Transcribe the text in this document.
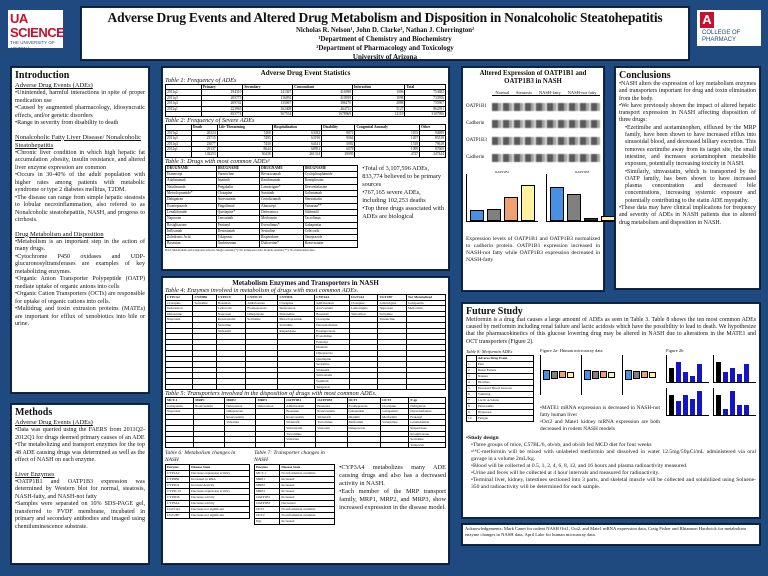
UA SCIENCE
THE UNIVERSITY OF ARIZONA.
COLLEGE OF SCIENCE
A COLLEGE OF
PHARMACY
THE UNIVERSITY OF ARIZONA
Adverse Drug Events and Altered Drug Metabolism and Disposition in Nonalcoholic Steatohepatitis
Nicholas R. Nelson¹, John D. Clarke², Nathan J. Cherrington²
¹Department of Chemistry and Biochemistry
²Department of Pharmacology and Toxicology
University of Arizona
Introduction
Adverse Drug Events (ADEs)

•Unintended, harmful interactions in spite of proper medication use

•Caused by augmented pharmacology, idiosyncratic effects, and/or genetic disorders

•Range in severity from disability to death

Nonalcoholic Fatty Liver Disease/ Nonalcoholic Steatohepatitis

•Chronic liver condition in which high hepatic fat accumulation ,obesity, insulin resistance, and altered liver enzyme expression are common

•Occurs in 30-40% of the adult population with higher rates among patients with metabolic syndrome or type 2 diabetes mellitus, T2DM.

•The disease can range from simple hepatic steatosis to lobular necroinflammation, also refered to as Nonalcoholic steatohepatitis, NASH, and progress to cirrhosis.

Drug Metabolism and Disposition

•Metabolism is an important step in the action of many drugs.

•Cytochrome P450 oxidases and UDP-glucuronosyltransferases are examples of key metabolizing enzymes.

•Organic Anion Transporter Polypeptide (OATP) mediate uptake of organic anions into cells

•Organic Cation Transporters (OCTs) are responsible for uptake of organic cations into cells.

•Multidrug and toxin extrusion proteins (MATEs) are important for efflux of xenobiotics into bile or urine.

Methods
Adverse Drug Events (ADEs)

•Data was queried using the FAERS from 2011Q2-2012Q1 for drugs deemed primary causes of an ADE

•The metabolizing and transport enzymes for the top 48 ADE causing drugs was determined as well as the effect of NASH on each enzyme.

Liver Enzymes

•OATP1B1 and OATP1B3 expression was determined by Western blot for normal, steatosis, NASH-fatty, and NASH-not fatty

•Samples were separated on 10% SDS-PAGE gel, transferred to PVDF membrane, incubated in primary and secondary antibodies and imaged using chemiluminescence substrate.

Adverse Drug Event Statistics
Table 1: Frequency of ADEs
	Primary	Secondary	Concomitant	Interaction	Total
2011q2	194310	141367	416998	1006	753682
2011q3	205775	116092	410958	1098	733956
2011q4	209742	135067	386270	2888	735967
2012q1	221965	162408	464711	3127	862391
	833774	567534	1678969	12119	3107996
Table 2: Frequency of Severe ADEs
	Death	Life-Threatening	Hospitalization	Disability	Congenital Anomaly	Other
2011q2	26324	7468	63032	8871	1103	94699
2011q3	23715	7495	63190	9064	1207	85518
2011q4	23077	7430	64141	5082	1318	79618
2012q1	29137	8044	68951	6078	1099	87609
	102253	30438	261314	29095	4727	347444
Table 3: Drugs with most common ADEs¹
DRUGNAME	DRUGNAME	DRUGNAME	DRUGNAME
Etanercept	Varenicline	Bevacizumab	Cyclophosphamide
Adalimumab	Imatinib	Ranibizumab	Romiplostim
Natalizumab	Pregabalin	Lamotrigine*	Desvenlafaxine
Metoclopramide*	Clozapine	Sunitinib	Golimumab
Dabigatran	Atorvastatin	Certolizumab	Simvastatin
Esomeprazole	Fingolimod	Abatacept	Valsartan**
Lenalidomide	Quetiapine*	Deferasirox	Sildenafil
Naproxen	Lenvatinib	Metformin	Tacrolimus
Rosiglitazone	Fentanyl	Everolimus*	Gabapentin
Infliximab	Denosumab	Sertraline	Celecoxib
Zoledronic Acid	Tolapravir	Risperidone	Omeprazole
Bosentan	Ambrisentan	Duloxetine*	Rosuvastatin

•Total of 3,107,596 ADEs, 833,774 believed to be primary sources

•767,165 severe ADEs, including 102,253 deaths

•Top three drugs associated with ADEs are biological

Bold: Metabolism and transporter known. Single asterisk (*): No transporter data. Double asterisk (**): No metabolism data.
Metabolism Enzymes and Transporters in NASH
Table 4: Enzymes involved in metabolism of drugs with most common ADEs.
CYP1A2	CYP2B6	CYP2C9	CYP2C19	CYP2D6	CYP3A4	UGT1A4	UGT2B7	Not Metabolized
Clozapine	Sertraline	Bosentan	Ambrisentan	Clozapine	Ambrisentan	Clozapine	Lamotrigine	Gabapentin
Deferasirox		Celecoxib	Esomeprazole	Deferasirox	Atorvastatin	Lamotrigine	Naproxen	Metformin
Duloxetine		Naproxen	Omeprazole	Duloxetine	Bosentan	Tamoxifen	Sertraline	
Naproxen		Rosuvastatin	Sertraline	Metoclopramide	Clozapine		Varenicline	
		Sertraline		Sertraline	Desvenlafaxine			
		Sildenafil		Risperidone	Esomeprazole			
					Everolimus			
					Fentanyl			
					Imatinib			
					Omeprazole			
					Quetiapine			
					Sertraline			
					Sildenafil			
					Simvastatin			
					Sunitinib			
					Telaprevir			
Table 5: Transporters involved in the disposition of drugs with most common ADEs.
MCT-1	MRP1	MRP2	MRP3	OATP1B1	OATP1B3	OCT1	OCT2	P-gp
Gabapentin	Rosuvastatin	Deferasirox	Deferasirox	Ambrisentan	Bosentan	Esomeprazole	Clozapine	Dabigatran
Naproxen		Omeprazole		Bosentan	Rosuvastatin	Gabapentin	Gabapentin	Desvenlafaxine
		Rosuvastatin		Rosuvastatin	Sildenafil	Imatinib	Metformin	Fentanyl
		Valsartan		Sildenafil	Tacrolimus	Metformin	Varenicline	Lenalidomide
				Simvastatin	Valsartan	Omeprazole		Risperidone
				Tacrolimus				Rosiglitazone
				Valsartan				Sertraline
								Telaprevir
Table 6: Metabolism changes in NASH
Enzyme	Disease State
CYP1A2	Decrease expression activity
CYP2B6	Increased in RNA
CYP2C9	Increase Activity
CYP2C19	Decrease expression activity
CYP2D6	Decrease activity
CYP3A4	Decrease activity
UGT1A4	Decrease not significant
UGT2B7	Decrease not significant
Table 7: Transporter changes in NASH
Enzyme	Disease State
MCT-1	No information available
MRP1	Increased
MRP2	Increased
MRP3	Increased
OATP1B1	Increased
OATP1B3	Decreased
OCT1	No information available
OCT2	No information available
Pgp	Increased

•CYP3A4 metabolizes many ADE causing drugs and also has a decreased activity in NASH.

•Each member of the MRP transport family, MRP1, MRP2, and MRP3, show increased expression in the disease model.

Altered Expression of OATP1B1 and OATP1B3 in NASH
Normal Steatosis NASH-fatty NASH-not fatty
OATP1B1
Cadherin
OATP1B3
Cadherin
OATP1B1	OATP1B3
Expression levels of OATP1B1 and OATP1B3 normalized to cadherin protein. OATP1B1 expression increased in NASH-not fatty while OATP1B3 expression decreased in NASH-fatty
Conclusions

•NASH alters the expression of key metabolism enzymes and transporters important for drug and toxin elimination from the body.

•We have previously shown the impact of altered hepatic transport expression in NASH affecting disposition of three drugs:

•Ezetimibe and acetaminophen, effluxed by the MRP family, have been shown to have increased efflux into sinusoidal blood, and decreased billiary excretion. This removes ezetimibe away from its target site, the small intestine, and increases acetaminophen metabolite exposure, potentially increasing toxicity in NASH.

•Similarly, simvastatin, which is transported by the OATP family, has been shown to have increased plasma concentration and decreased bile concentrations, increasing systemic exposure and potentially contributing to the statin ADE myopathy.

•These data may have clinical implications for frequency and severity of ADEs in NASH patients due to altered drug metabolism and disposition in NASH.

Future Study
Metformin is a drug that causes a large amount of ADEs as seen in Table 3. Table 8 shows the ten most common ADEs caused by metformin including renal failure and lactic acidosis which have the possibility to lead to death. We hypothesize that the pharmacokinetics of this glucose lowering drug may be altered in NASH due to alterations in the MATE1 and OCT transporters (Figure 2).
Table 8: Metformin ADEs
	Adverse Drug Event
1	Pain
2	Renal Failure
3	Nausea
4	Diarrhea
5	Increased Blood Glucose
6	Vomiting
7	Lactic Acidosis
8	Pancreatitis
9	Dyspnoea
10	Fatigue
Figure 2a- Human microarray data

•MATE1 mRNA expression is decreased in NASH-not fatty human liver

•Oct2 and Mate1 kidney mRNA expression are both decreased in rodent NASH models

Figure 2b

•Study design

•Three groups of mice, C57BL/6, ob/ob, and ob/ob fed MCD diet for four weeks

•¹⁴C-metformin will be mixed with unlabeled metformin and dissolved in water 12.5mg/50µCi/mL administered via oral gavage in a volume 2mL/kg.

•Blood will be collected at 0.5, 1, 2, 4, 6, 8, 12, and 16 hours and plasma radioactivity measured.

•Urine and feces will be collected at 4 hour intervals and measured for radioactivity.

•Terminal liver, kidney, intestines sectioned into 3 parts, and skeletal muscle will be collected and solubilized using Soluene-350 and radioactivity will be determined for each sample.

Acknowledgements: Mark Canet for rodent NASH Oct1, Oct2, and Mate1 mRNA expression data, Craig Fisher and Rhiannon Hardwick for metabolism enzyme changes in NASH data, April Lake for human microarray data.
